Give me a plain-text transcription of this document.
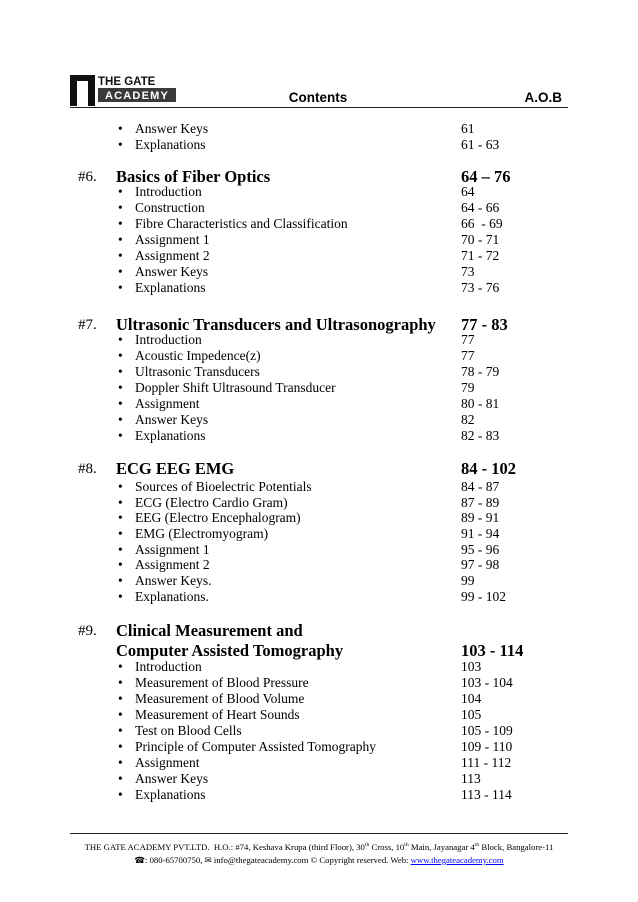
THE GATE
ACADEMY	Contents	A.O.B
•
Answer Keys	61
•
Explanations	61 - 63
#6. Basics of Fiber Optics	64 – 76
•
Introduction	64
•
Construction	64 - 66
•
Fibre Characteristics and Classification	66  - 69
•
Assignment 1	70 - 71
•
Assignment 2	71 - 72
•
Answer Keys	73
•
Explanations	73 - 76
#7. Ultrasonic Transducers and Ultrasonography 77 - 83
•
Introduction	77
•
Acoustic Impedence(z)	77
•
Ultrasonic Transducers	78 - 79
•
Doppler Shift Ultrasound Transducer	79
•
Assignment	80 - 81
•
Answer Keys	82
•
Explanations	82 - 83
#8. ECG EEG EMG	84 - 102
•
Sources of Bioelectric Potentials	84 - 87
•
ECG (Electro Cardio Gram)	87 - 89
•
EEG (Electro Encephalogram)	89 - 91
•
EMG (Electromyogram)	91 - 94
•
Assignment 1	95 - 96
•
Assignment 2	97 - 98
•
Answer Keys.	99
•
Explanations.	99 - 102
#9. Clinical Measurement and
Computer Assisted Tomography	103 - 114
•
Introduction	103
•
Measurement of Blood Pressure	103 - 104
•
Measurement of Blood Volume	104
•
Measurement of Heart Sounds	105
•
Test on Blood Cells	105 - 109
•
Principle of Computer Assisted Tomography	109 - 110
•
Assignment	111 - 112
•
Answer Keys	113
•
Explanations	113 - 114
THE GATE ACADEMY PVT.LTD.  H.O.: #74, Keshava Krupa (third Floor), 30th Cross, 10th Main, Jayanagar 4th Block, Bangalore-11
☎ : 080-65700750, ✉  info@thegateacademy.com © Copyright reserved. Web: www.thegateacademy.com
